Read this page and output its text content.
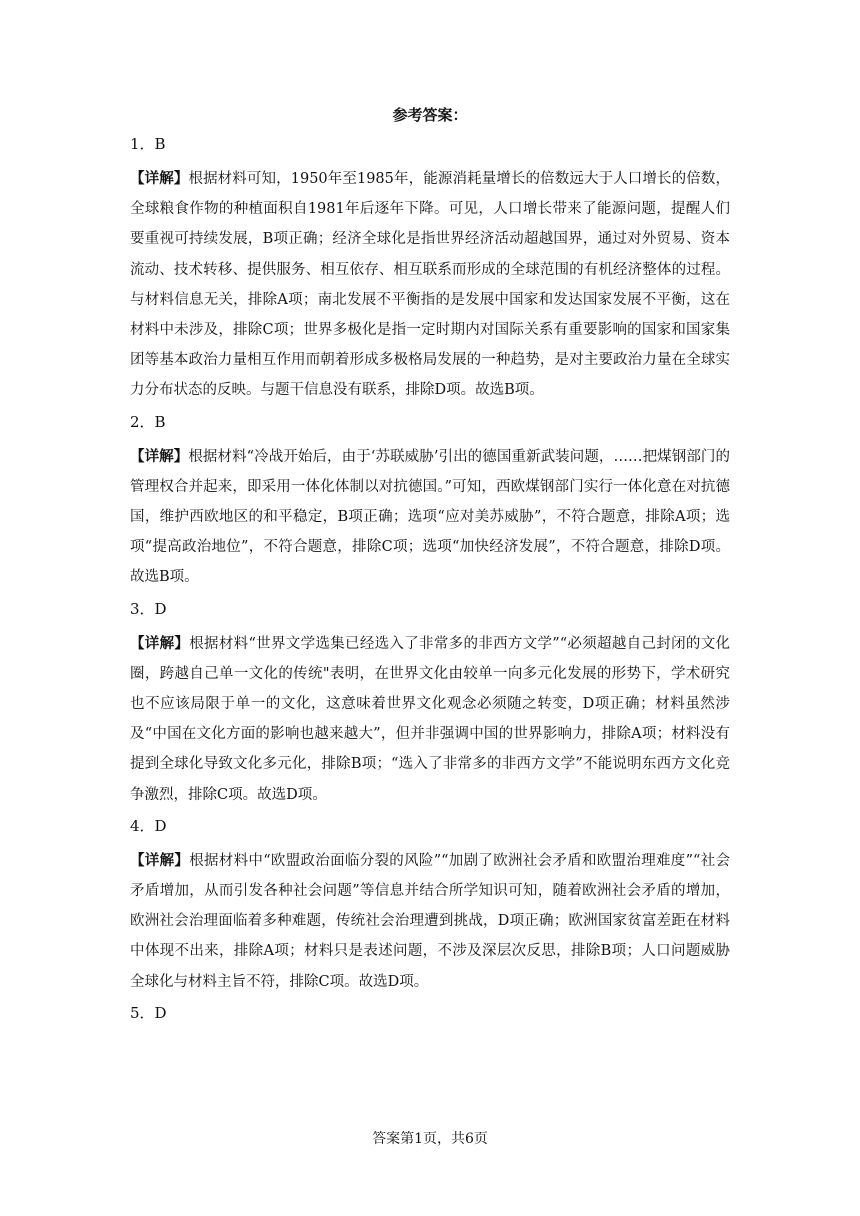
参考答案：
1．B

【详解】根据材料可知，1950年至1985年，能源消耗量增长的倍数远大于人口增长的倍数，全球粮食作物的种植面积自1981年后逐年下降。可见，人口增长带来了能源问题，提醒人们要重视可持续发展，B项正确；经济全球化是指世界经济活动超越国界，通过对外贸易、资本流动、技术转移、提供服务、相互依存、相互联系而形成的全球范围的有机经济整体的过程。与材料信息无关，排除A项；南北发展不平衡指的是发展中国家和发达国家发展不平衡，这在材料中未涉及，排除C项；世界多极化是指一定时期内对国际关系有重要影响的国家和国家集团等基本政治力量相互作用而朝着形成多极格局发展的一种趋势，是对主要政治力量在全球实力分布状态的反映。与题干信息没有联系，排除D项。故选B项。

2．B

【详解】根据材料“冷战开始后，由于‘苏联威胁’引出的德国重新武装问题，……把煤钢部门的管理权合并起来，即采用一体化体制以对抗德国。”可知，西欧煤钢部门实行一体化意在对抗德国，维护西欧地区的和平稳定，B项正确；选项“应对美苏威胁”，不符合题意，排除A项；选项“提高政治地位”，不符合题意，排除C项；选项“加快经济发展”，不符合题意，排除D项。故选B项。

3．D

【详解】根据材料“世界文学选集已经选入了非常多的非西方文学”“必须超越自己封闭的文化圈，跨越自己单一文化的传统"表明，在世界文化由较单一向多元化发展的形势下，学术研究也不应该局限于单一的文化，这意味着世界文化观念必须随之转变，D项正确；材料虽然涉及“中国在文化方面的影响也越来越大”，但并非强调中国的世界影响力，排除A项；材料没有提到全球化导致文化多元化，排除B项；“选入了非常多的非西方文学”不能说明东西方文化竞争激烈，排除C项。故选D项。

4．D

【详解】根据材料中“欧盟政治面临分裂的风险”“加剧了欧洲社会矛盾和欧盟治理难度”“社会矛盾增加，从而引发各种社会问题”等信息并结合所学知识可知，随着欧洲社会矛盾的增加，欧洲社会治理面临着多种难题，传统社会治理遭到挑战，D项正确；欧洲国家贫富差距在材料中体现不出来，排除A项；材料只是表述问题，不涉及深层次反思，排除B项；人口问题威胁全球化与材料主旨不符，排除C项。故选D项。

5．D
答案第1页，共6页
